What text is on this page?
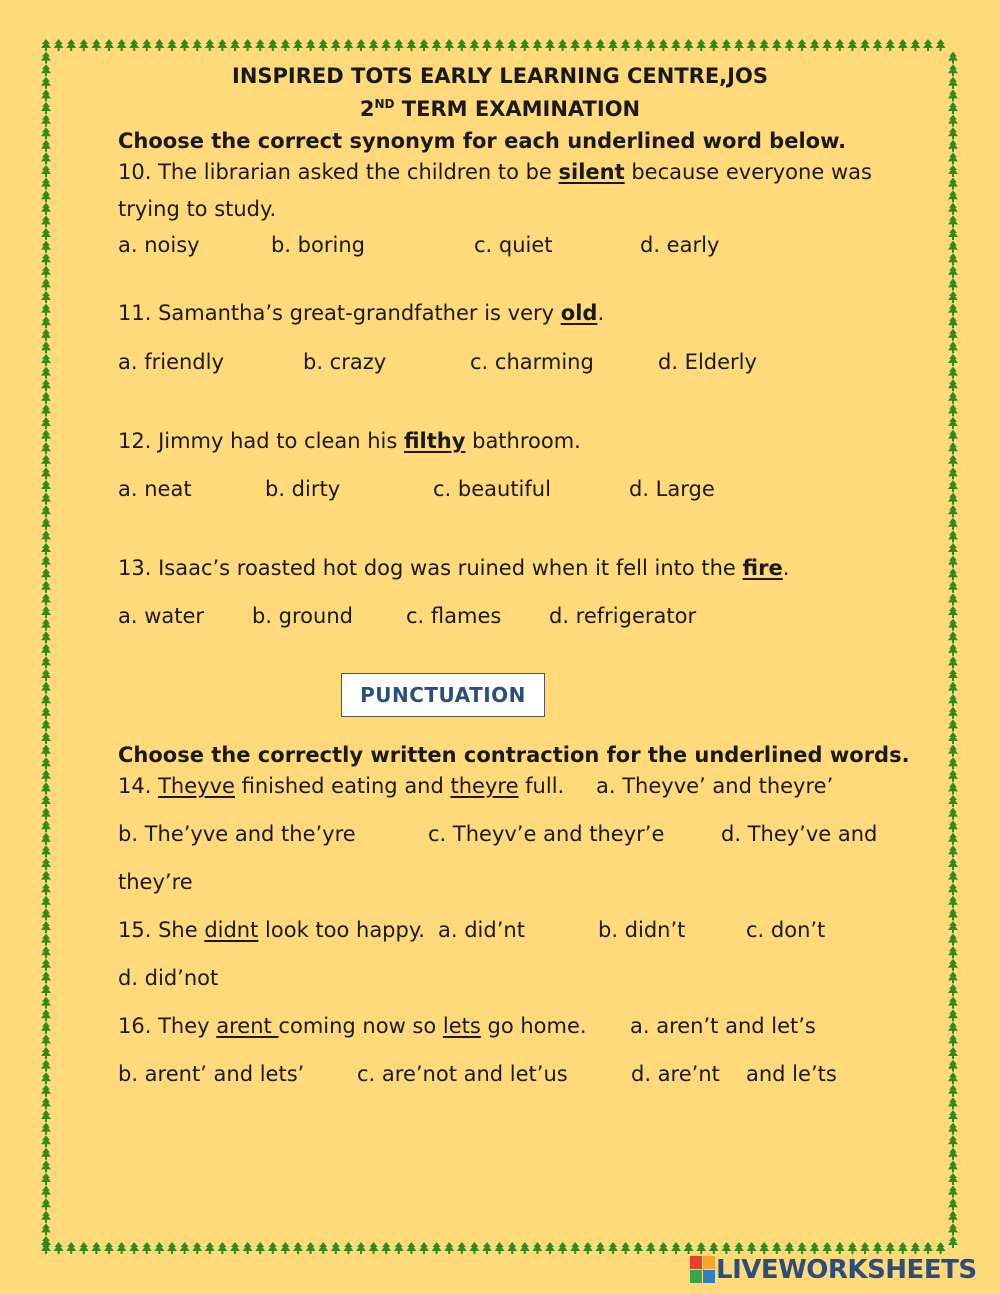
INSPIRED TOTS EARLY LEARNING CENTRE,JOS
2ND TERM EXAMINATION
Choose the correct synonym for each underlined word below.
10. The librarian asked the children to be silent because everyone was
trying to study.
a. noisy	b. boring	c. quiet	d. early
11. Samantha’s great-grandfather is very old.
a. friendly	b. crazy	c. charming	d. Elderly
12. Jimmy had to clean his filthy bathroom.
a. neat	b. dirty	c. beautiful	d. Large
13. Isaac’s roasted hot dog was ruined when it fell into the fire.
a. water b. ground	c. flames d. refrigerator
PUNCTUATION
Choose the correctly written contraction for the underlined words.
14. Theyve finished eating and theyre full. a. Theyve’ and theyre’
b. The’yve and the’yre	c. Theyv’e and theyr’e	d. They’ve and
they’re
15. She didnt look too happy. a. did’nt	b. didn’t	c. don’t
d. did’not
16. They arent coming now so lets go home. a. aren’t and let’s
b. arent’ and lets’	c. are’not and let’us	d. are’nt and le’ts
LIVEWORKSHEETS
